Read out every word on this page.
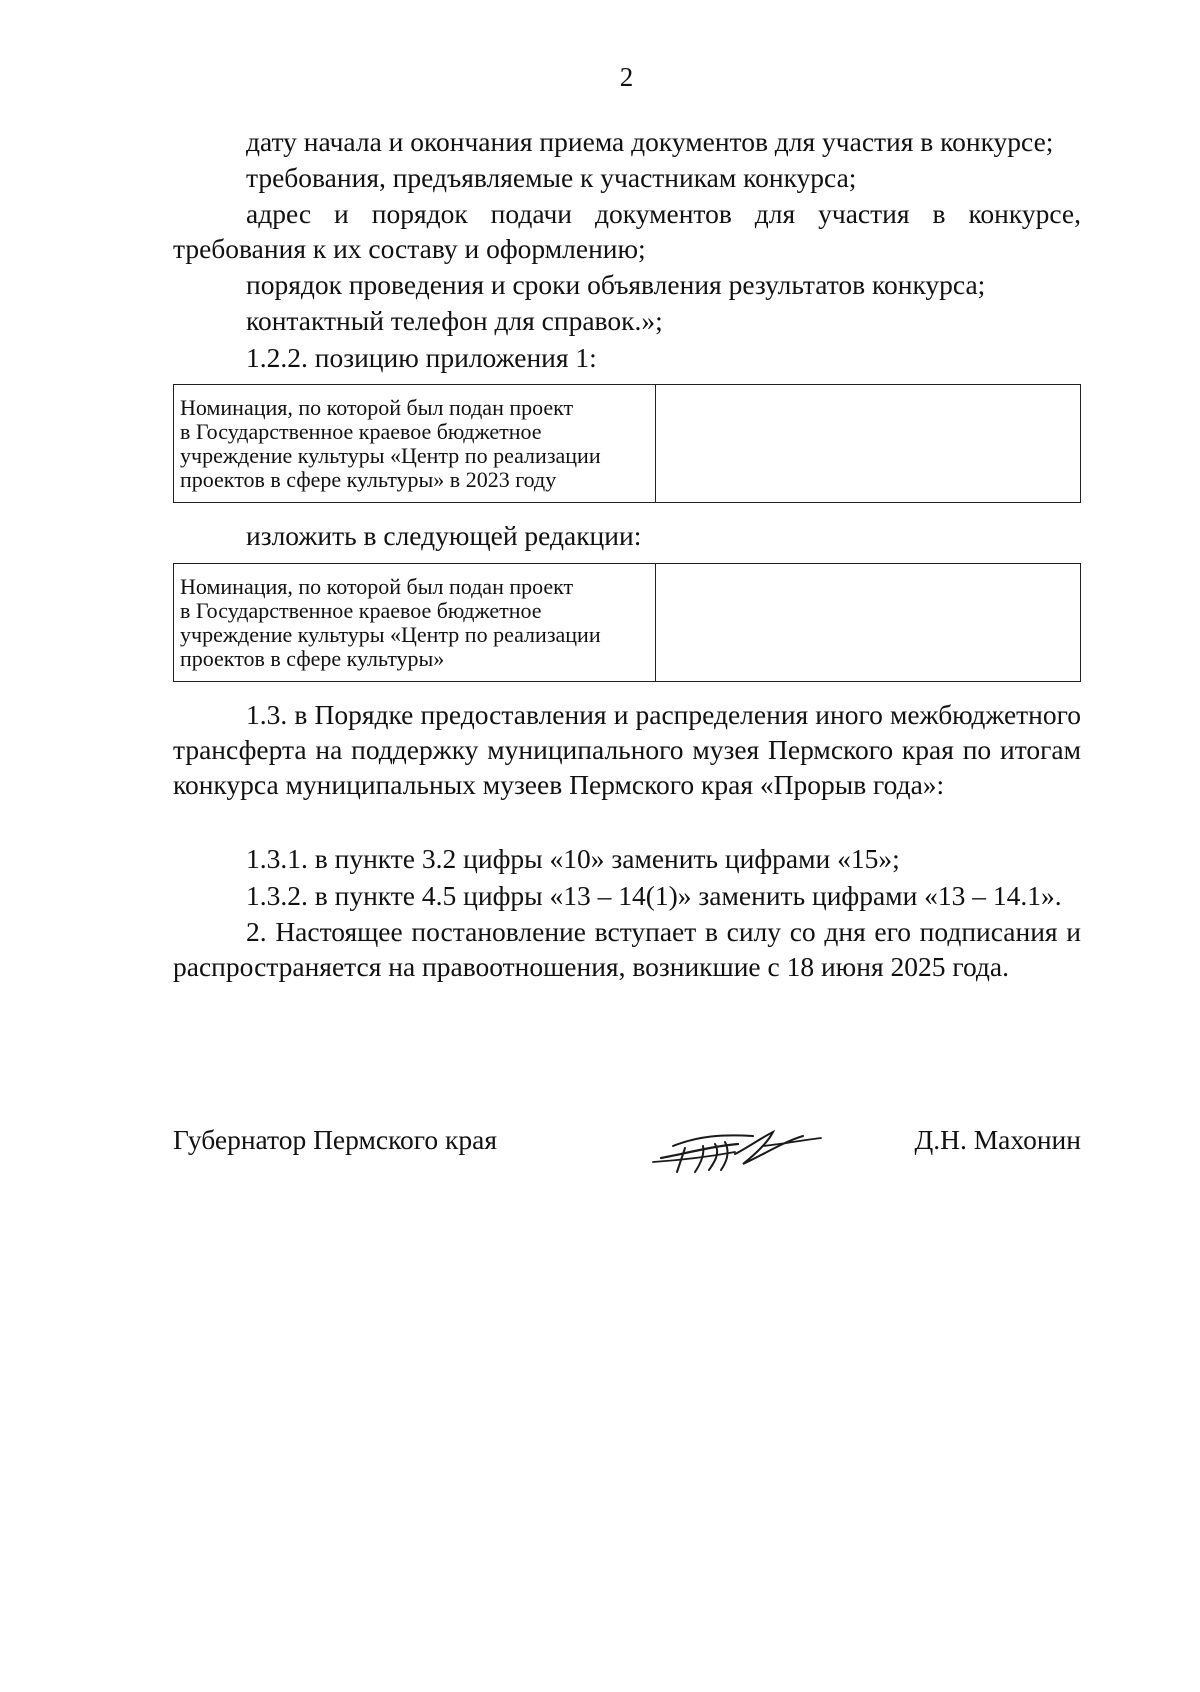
2

дату начала и окончания приема документов для участия в конкурсе;

требования, предъявляемые к участникам конкурса;

адрес и порядок подачи документов для участия в конкурсе, требования к их составу и оформлению;

порядок проведения и сроки объявления результатов конкурса;

контактный телефон для справок.»;

1.2.2. позицию приложения 1:

Номинация, по которой был подан проект
в Государственное краевое бюджетное
учреждение культуры «Центр по реализации
проектов в сфере культуры» в 2023 году

изложить в следующей редакции:

Номинация, по которой был подан проект
в Государственное краевое бюджетное
учреждение культуры «Центр по реализации
проектов в сфере культуры»

1.3. в Порядке предоставления и распределения иного межбюджетного трансферта на поддержку муниципального музея Пермского края по итогам конкурса муниципальных музеев Пермского края «Прорыв года»:

1.3.1. в пункте 3.2 цифры «10» заменить цифрами «15»;

1.3.2. в пункте 4.5 цифры «13 – 14(1)» заменить цифрами «13 – 14.1».

2. Настоящее постановление вступает в силу со дня его подписания и распространяется на правоотношения, возникшие с 18 июня 2025 года.

Губернатор Пермского края	Д.Н. Махонин
